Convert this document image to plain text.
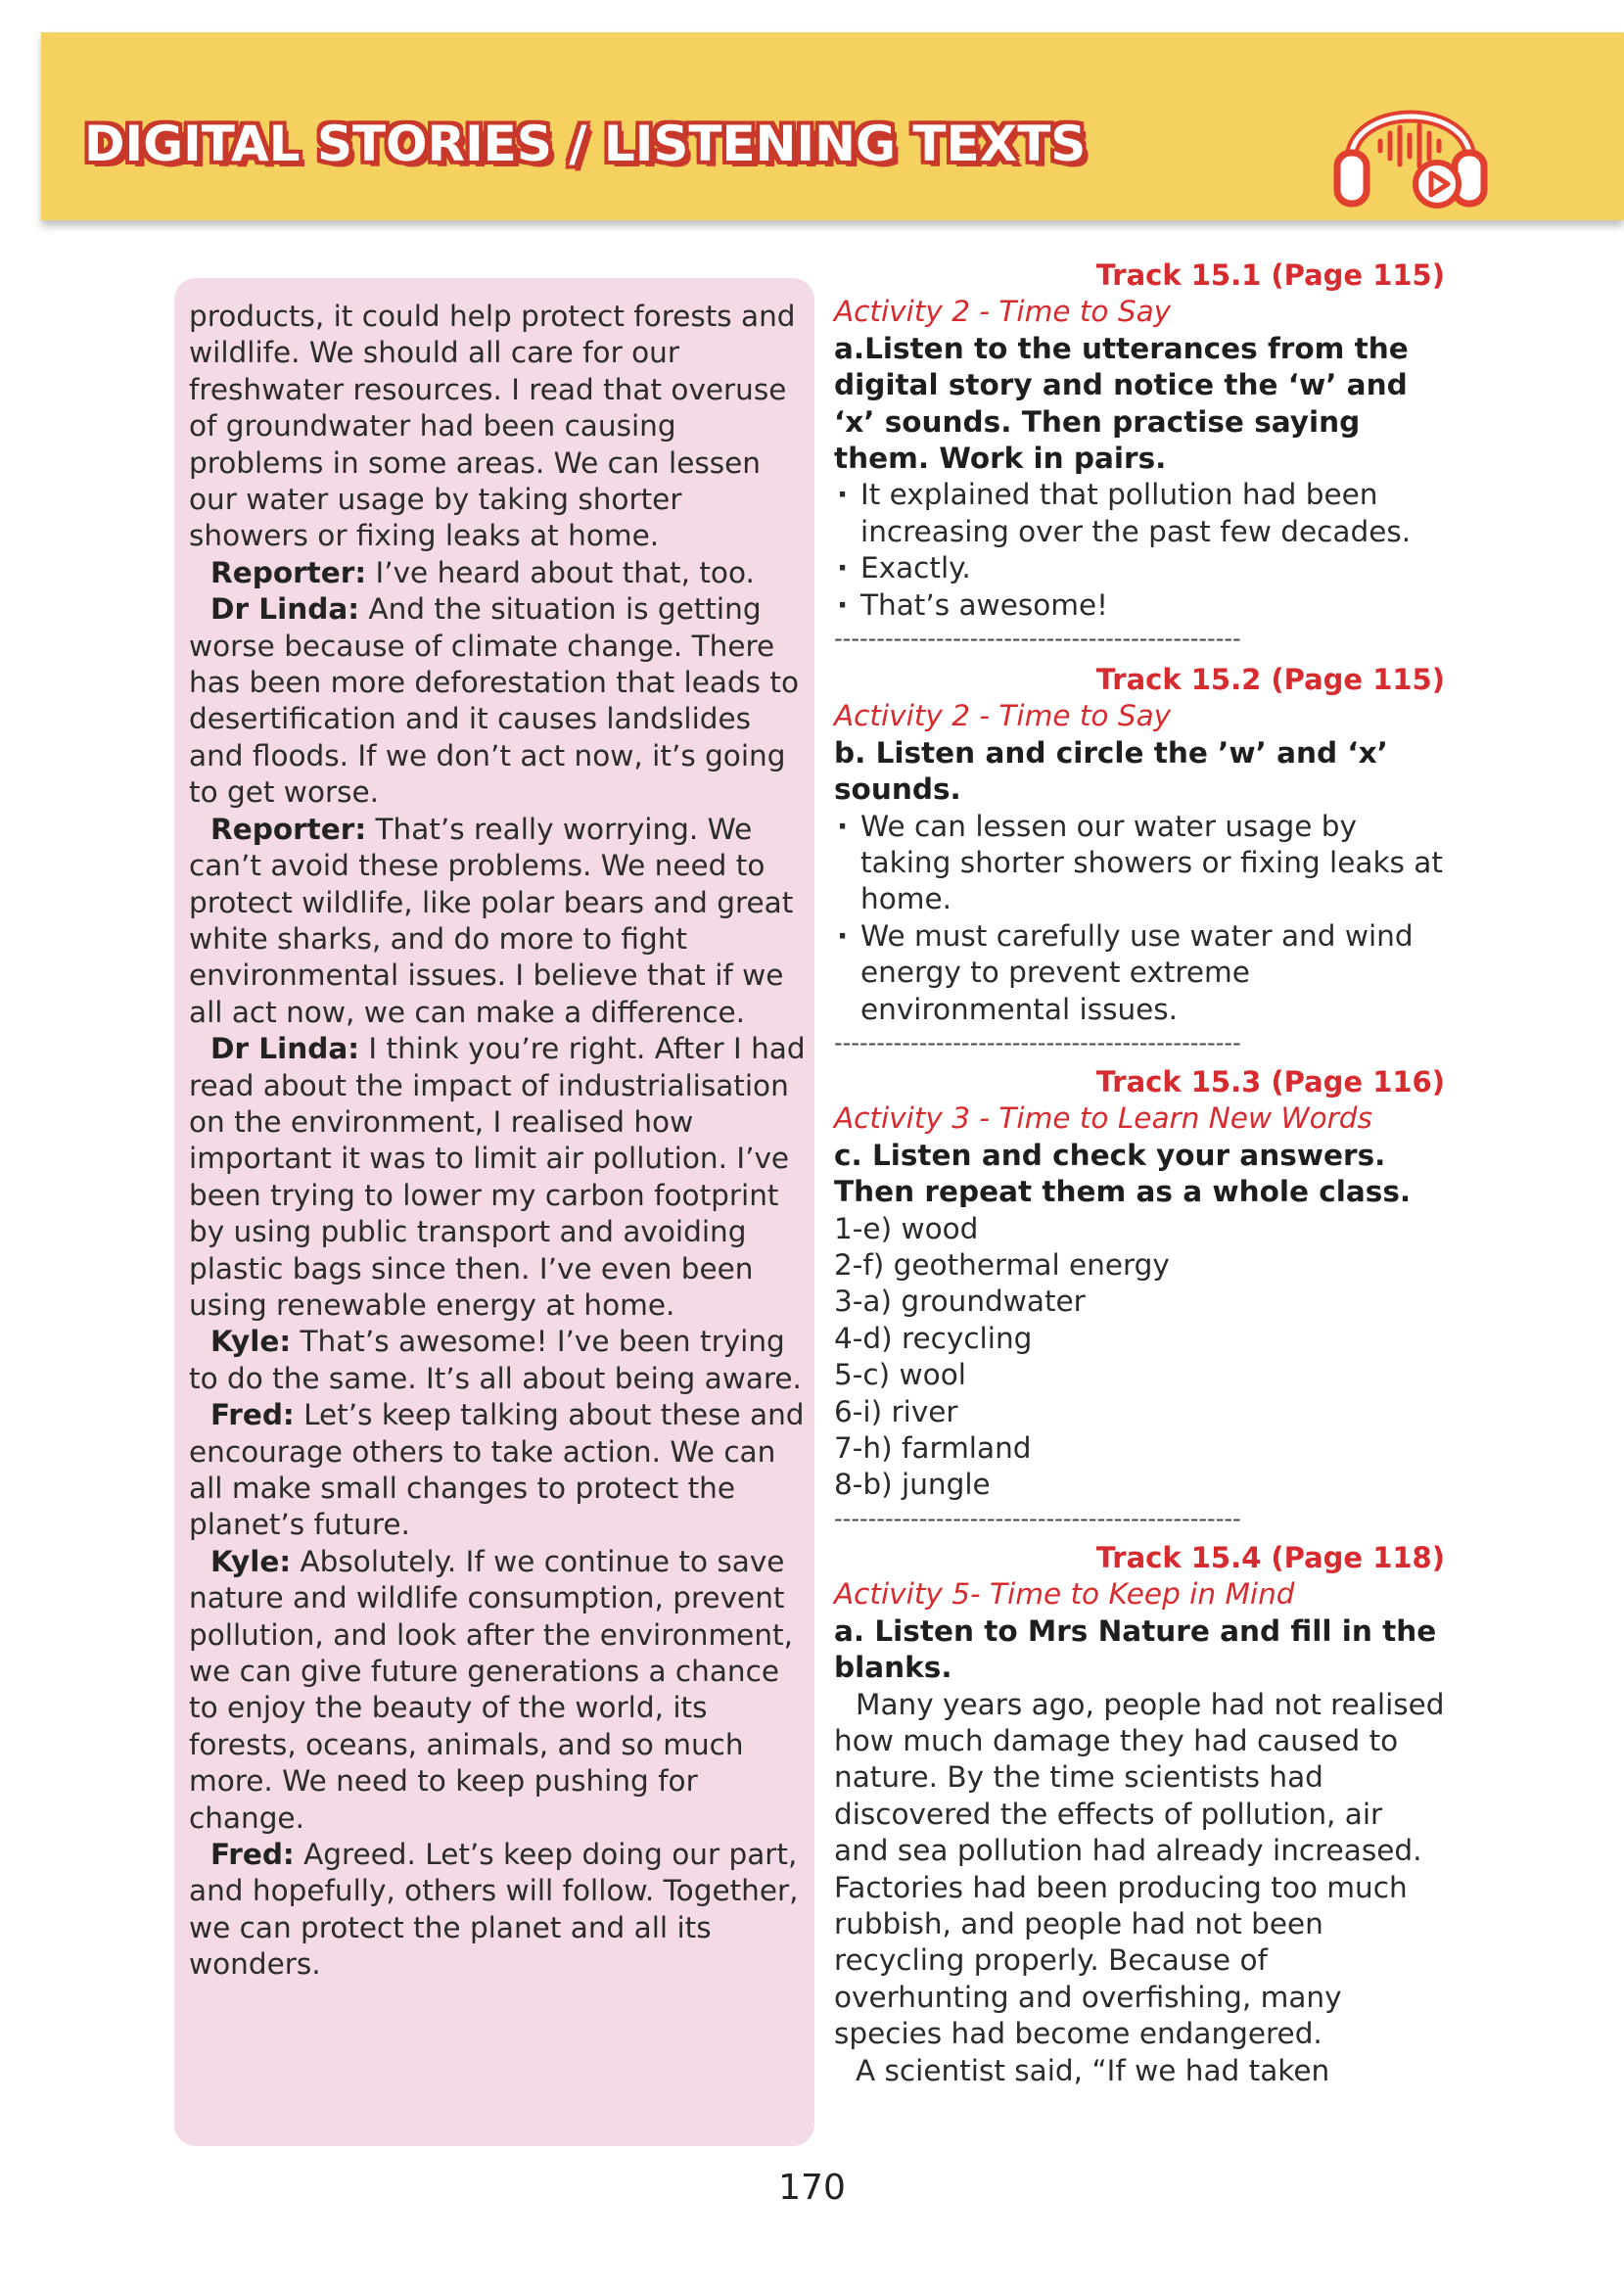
DIGITAL STORIES / LISTENING TEXTS

products, it could help protect forests and wildlife. We should all care for our freshwater resources. I read that overuse of groundwater had been causing problems in some areas. We can lessen our water usage by taking shorter showers or fixing leaks at home.

Reporter: I’ve heard about that, too.

Dr Linda: And the situation is getting worse because of climate change. There has been more deforestation that leads to desertification and it causes landslides and floods. If we don’t act now, it’s going to get worse.

Reporter: That’s really worrying. We can’t avoid these problems. We need to protect wildlife, like polar bears and great white sharks, and do more to fight environmental issues. I believe that if we all act now, we can make a difference.

Dr Linda: I think you’re right. After I had read about the impact of industrialisation on the environment, I realised how important it was to limit air pollution. I’ve been trying to lower my carbon footprint by using public transport and avoiding plastic bags since then. I’ve even been using renewable energy at home.

Kyle: That’s awesome! I’ve been trying to do the same. It’s all about being aware.

Fred: Let’s keep talking about these and encourage others to take action. We can all make small changes to protect the planet’s future.

Kyle: Absolutely. If we continue to save nature and wildlife consumption, prevent pollution, and look after the environment, we can give future generations a chance to enjoy the beauty of the world, its forests, oceans, animals, and so much more. We need to keep pushing for change.

Fred: Agreed. Let’s keep doing our part, and hopefully, others will follow. Together, we can protect the planet and all its wonders.

Track 15.1 (Page 115)

Activity 2 - Time to Say

a.Listen to the utterances from the digital story and notice the ‘w’ and ‘x’ sounds. Then practise saying them. Work in pairs.

· It explained that pollution had been increasing over the past few decades.
· Exactly.
· That’s awesome!

------------------------------------------------

Track 15.2 (Page 115)

Activity 2 - Time to Say

b. Listen and circle the ’w’ and ‘x’ sounds.

· We can lessen our water usage by taking shorter showers or fixing leaks at home.
· We must carefully use water and wind energy to prevent extreme environmental issues.

------------------------------------------------

Track 15.3 (Page 116)

Activity 3 - Time to Learn New Words

c. Listen and check your answers. Then repeat them as a whole class.

1-e) wood

2-f) geothermal energy

3-a) groundwater

4-d) recycling

5-c) wool

6-i) river

7-h) farmland

8-b) jungle

------------------------------------------------

Track 15.4 (Page 118)

Activity 5- Time to Keep in Mind

a. Listen to Mrs Nature and fill in the blanks.

Many years ago, people had not realised how much damage they had caused to nature. By the time scientists had discovered the effects of pollution, air and sea pollution had already increased. Factories had been producing too much rubbish, and people had not been recycling properly. Because of overhunting and overfishing, many species had become endangered.

A scientist said, “If we had taken

170
